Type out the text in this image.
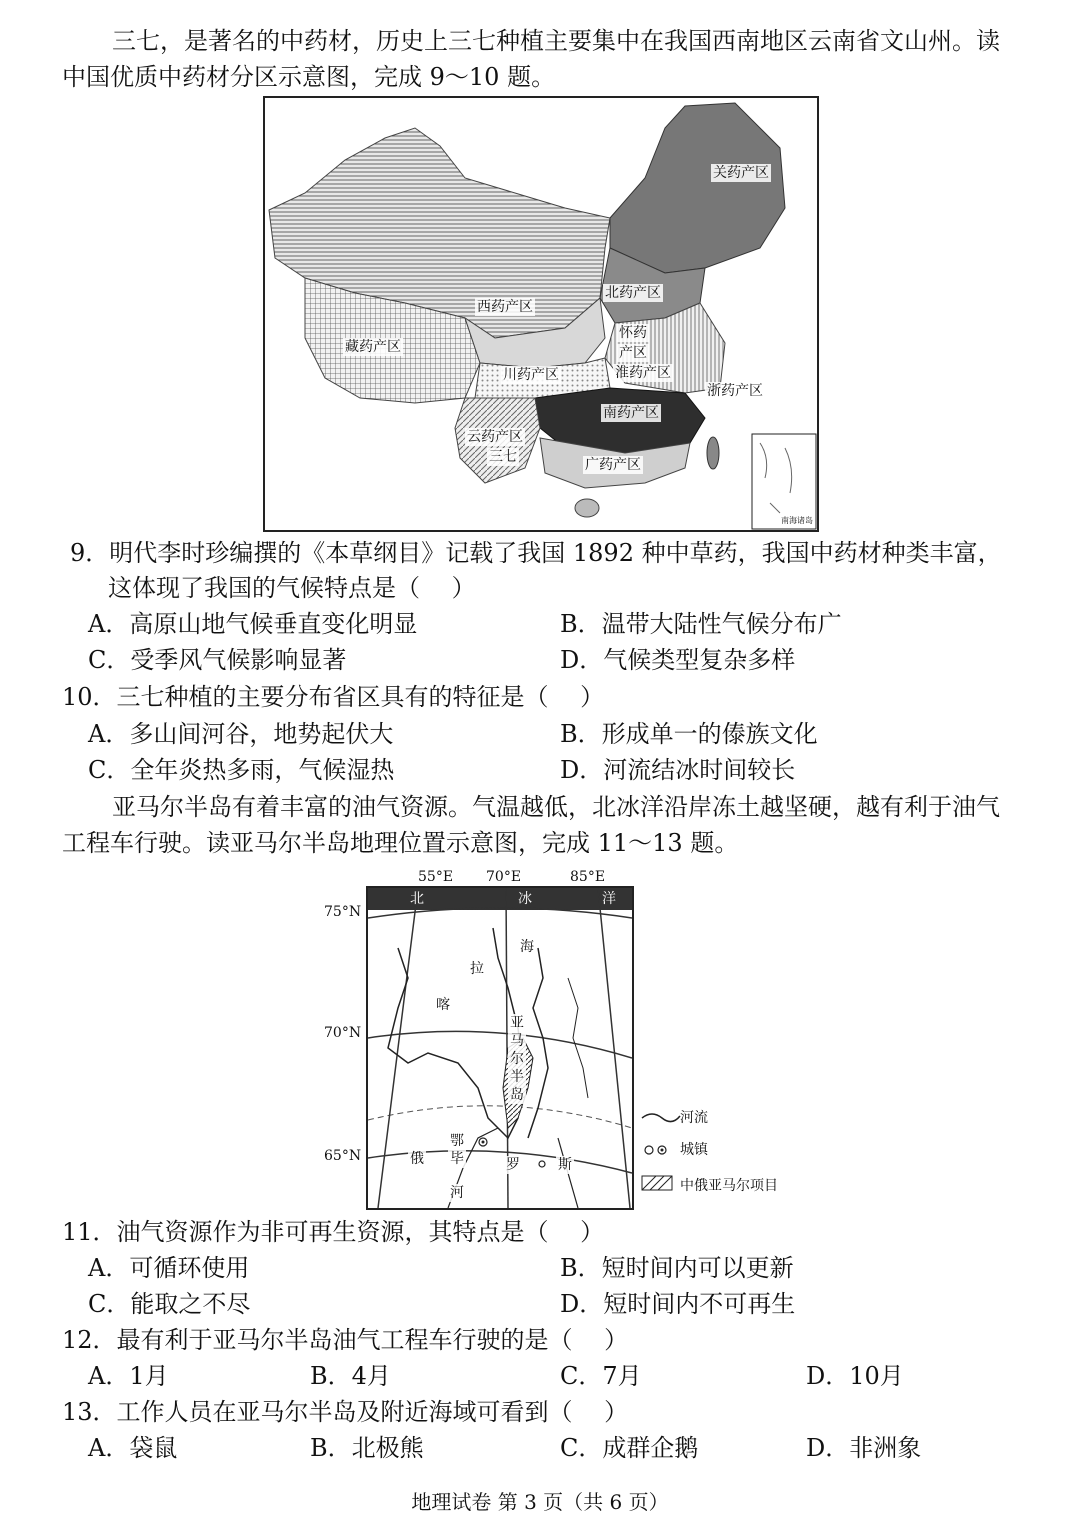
三七，是著名的中药材，历史上三七种植主要集中在我国西南地区云南省文山州。读
中国优质中药材分区示意图，完成 9～10 题。
关药产区
北药产区
西药产区
怀药
产区
藏药产区
川药产区	淮药产区
浙药产区
南药产区
云药产区
三七	广药产区
南海诸岛
9．明代李时珍编撰的《本草纲目》记载了我国 1892 种中草药，我国中药材种类丰富，
这体现了我国的气候特点是（　 ）
A．高原山地气候垂直变化明显	B．温带大陆性气候分布广
C．受季风气候影响显著	D．气候类型复杂多样
10．三七种植的主要分布省区具有的特征是（　 ）
A．多山间河谷，地势起伏大	B．形成单一的傣族文化
C．全年炎热多雨，气候湿热	D．河流结冰时间较长
亚马尔半岛有着丰富的油气资源。气温越低，北冰洋沿岸冻土越坚硬，越有利于油气
工程车行驶。读亚马尔半岛地理位置示意图，完成 11～13 题。
55°E 70°E	85°E
75°N
70°N
65°N
北	冰	洋
拉
海
喀
亚
马
尔
半
岛
鄂
毕
河
俄	罗	斯
河流
城镇
中俄亚马尔项目
11．油气资源作为非可再生资源，其特点是（　 ）
A．可循环使用	B．短时间内可以更新
C．能取之不尽	D．短时间内不可再生
12．最有利于亚马尔半岛油气工程车行驶的是（　 ）
A．1月	B．4月	C．7月	D．10月
13．工作人员在亚马尔半岛及附近海域可看到（　 ）
A．袋鼠	B．北极熊	C．成群企鹅	D．非洲象
地理试卷 第 3 页（共 6 页）
